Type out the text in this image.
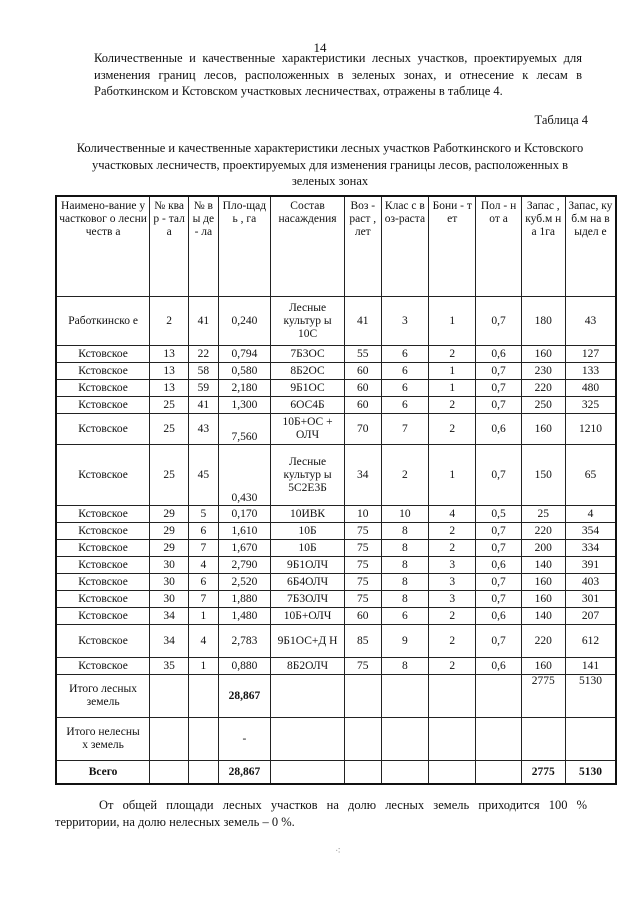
14

Количественные и качественные характеристики лесных участков, проектируемых для изменения границ лесов, расположенных в зеленых зонах, и отнесение к лесам в Работкинском и Кстовском участковых лесничествах, отражены в таблице 4.

Таблица 4
Количественные и качественные характеристики лесных участков Работкинского и Кстовского участковых лесничеств, проектируемых для изменения границы лесов, расположенных в зеленых зонах
Наимено-вание участковог о лесничеств а	№ квар - тала	№ вы де - ла	Пло-щадь , га	Состав насаждения	Воз - раст , лет	Клас с воз-раста	Бони - тет	Пол - нот а	Запас , куб.м на 1га	Запас, куб.м на выдел е
Работкинско е	2	41	0,240	Лесные культур ы 10С	41	3	1	0,7	180	43
Кстовское	13	22	0,794	7Б3ОС	55	6	2	0,6	160	127
Кстовское	13	58	0,580	8Б2ОС	60	6	1	0,7	230	133
Кстовское	13	59	2,180	9Б1ОС	60	6	1	0,7	220	480
Кстовское	25	41	1,300	6ОС4Б	60	6	2	0,7	250	325
Кстовское	25	43	7,560	10Б+ОС + ОЛЧ	70	7	2	0,6	160	1210
Кстовское	25	45	0,430	Лесные культур ы 5С2Е3Б	34	2	1	0,7	150	65
Кстовское	29	5	0,170	10ИВК	10	10	4	0,5	25	4
Кстовское	29	6	1,610	10Б	75	8	2	0,7	220	354
Кстовское	29	7	1,670	10Б	75	8	2	0,7	200	334
Кстовское	30	4	2,790	9Б1ОЛЧ	75	8	3	0,6	140	391
Кстовское	30	6	2,520	6Б4ОЛЧ	75	8	3	0,7	160	403
Кстовское	30	7	1,880	7Б3ОЛЧ	75	8	3	0,7	160	301
Кстовское	34	1	1,480	10Б+ОЛЧ	60	6	2	0,6	140	207
Кстовское	34	4	2,783	9Б1ОС+Д Н	85	9	2	0,7	220	612
Кстовское	35	1	0,880	8Б2ОЛЧ	75	8	2	0,6	160	141
Итого лесных земель			28,867						2775	5130
Итого нелесны х земель			-							
Всего			28,867						2775	5130

От общей площади лесных участков на долю лесных земель приходится 100 % территории, на долю нелесных земель – 0 %.

⁖
